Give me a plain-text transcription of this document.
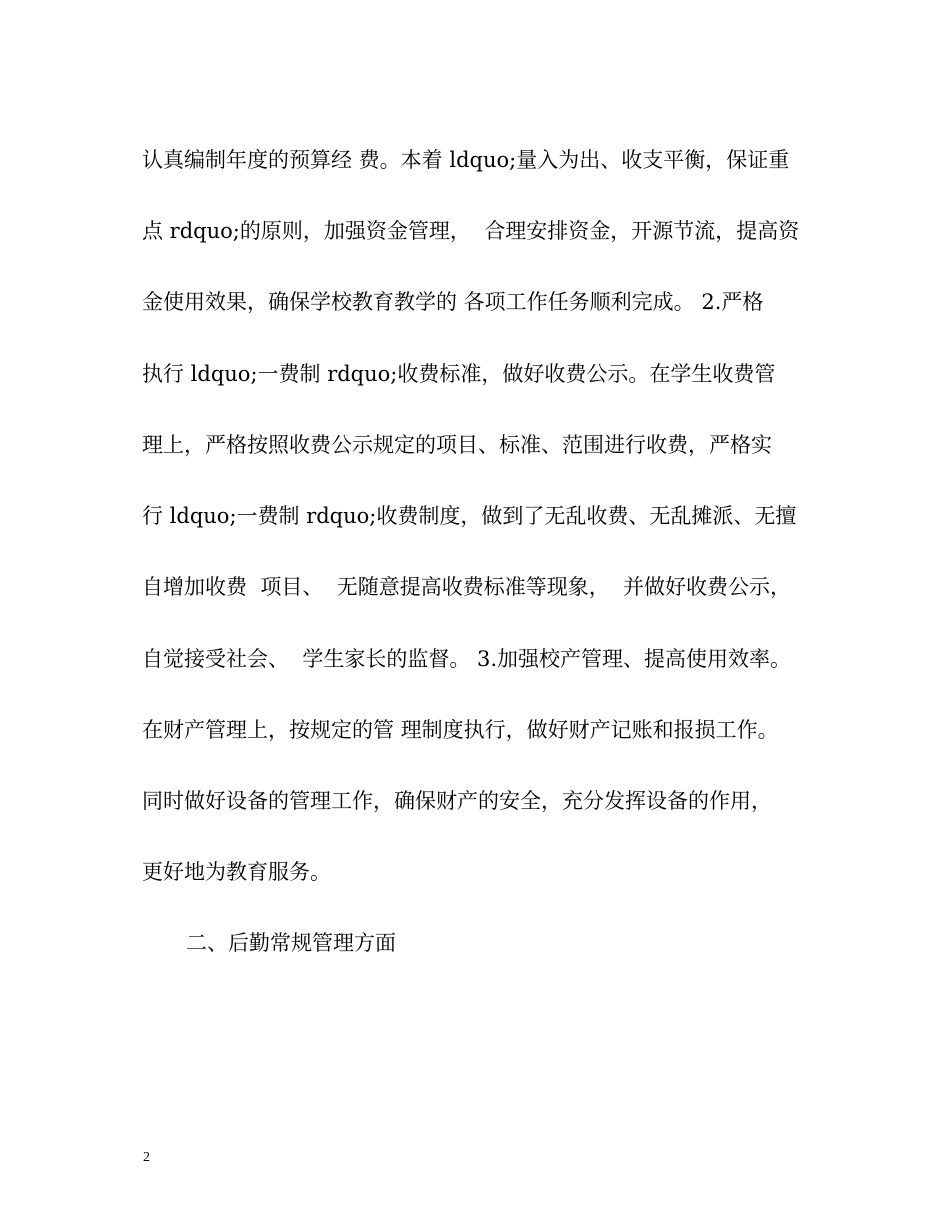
认真编制年度的预算经 费。本着 ldquo;量入为出、收支平衡，保证重
点 rdquo;的原则，加强资金管理，  合理安排资金，开源节流，提高资
金使用效果，确保学校教育教学的 各项工作任务顺利完成。 2.严格
执行 ldquo;一费制 rdquo;收费标准，做好收费公示。在学生收费管
理上，严格按照收费公示规定的项目、标准、范围进行收费，严格实
行 ldquo;一费制 rdquo;收费制度，做到了无乱收费、无乱摊派、无擅
自增加收费  项目、  无随意提高收费标准等现象，  并做好收费公示，
自觉接受社会、  学生家长的监督。 3.加强校产管理、提高使用效率。
在财产管理上，按规定的管 理制度执行，做好财产记账和报损工作。
同时做好设备的管理工作，确保财产的安全，充分发挥设备的作用，
更好地为教育服务。
二、后勤常规管理方面
2
